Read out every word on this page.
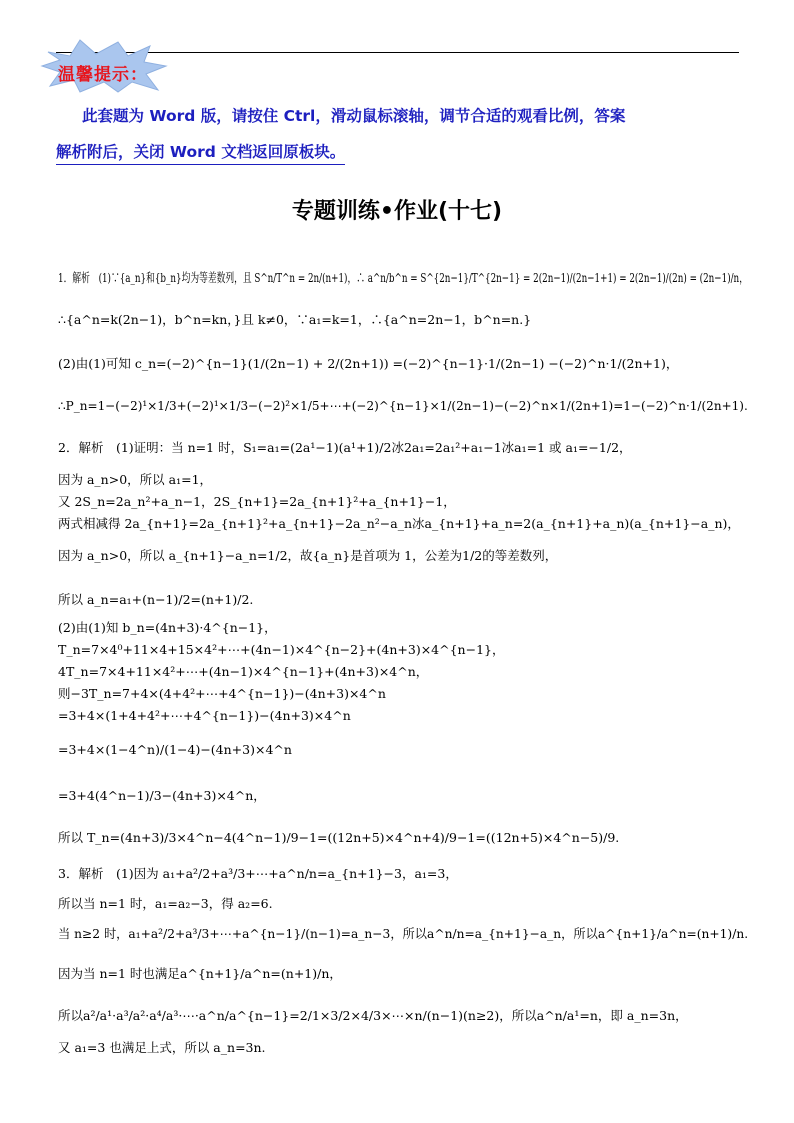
温馨提示：
此套题为 Word 版，请按住 Ctrl，滑动鼠标滚轴，调节合适的观看比例，答案
解析附后，关闭 Word 文档返回原板块。
专题训练•作业(十七)
1．解析　(1)∵{a_n}和{b_n}均为等差数列，且 S^n/T^n = 2n/(n+1)，∴ a^n/b^n = S^{2n−1}/T^{2n−1} = 2(2n−1)/(2n−1+1) = 2(2n−1)/(2n) = (2n−1)/n，
∴{a^n=k(2n−1)，b^n=kn，}且 k≠0，∵a₁=k=1，∴{a^n=2n−1，b^n=n.}
(2)由(1)可知 c_n=(−2)^{n−1}(1/(2n−1) + 2/(2n+1)) =(−2)^{n−1}·1/(2n−1) −(−2)^n·1/(2n+1)，
∴P_n=1−(−2)¹×1/3+(−2)¹×1/3−(−2)²×1/5+⋯+(−2)^{n−1}×1/(2n−1)−(−2)^n×1/(2n+1)=1−(−2)^n·1/(2n+1).
2．解析　(1)证明：当 n=1 时，S₁=a₁=(2a¹−1)(a¹+1)/2冰2a₁=2a₁²+a₁−1冰a₁=1 或 a₁=−1/2，
因为 a_n>0，所以 a₁=1，
又 2S_n=2a_n²+a_n−1，2S_{n+1}=2a_{n+1}²+a_{n+1}−1，
两式相减得 2a_{n+1}=2a_{n+1}²+a_{n+1}−2a_n²−a_n冰a_{n+1}+a_n=2(a_{n+1}+a_n)(a_{n+1}−a_n)，
因为 a_n>0，所以 a_{n+1}−a_n=1/2，故{a_n}是首项为 1，公差为1/2的等差数列，
所以 a_n=a₁+(n−1)/2=(n+1)/2.
(2)由(1)知 b_n=(4n+3)·4^{n−1}，
T_n=7×4⁰+11×4+15×4²+⋯+(4n−1)×4^{n−2}+(4n+3)×4^{n−1}，
4T_n=7×4+11×4²+⋯+(4n−1)×4^{n−1}+(4n+3)×4^n，
则−3T_n=7+4×(4+4²+⋯+4^{n−1})−(4n+3)×4^n
=3+4×(1+4+4²+⋯+4^{n−1})−(4n+3)×4^n
=3+4×(1−4^n)/(1−4)−(4n+3)×4^n
=3+4(4^n−1)/3−(4n+3)×4^n，
所以 T_n=(4n+3)/3×4^n−4(4^n−1)/9−1=((12n+5)×4^n+4)/9−1=((12n+5)×4^n−5)/9.
3．解析　(1)因为 a₁+a²/2+a³/3+⋯+a^n/n=a_{n+1}−3，a₁=3，
所以当 n=1 时，a₁=a₂−3，得 a₂=6.
当 n≥2 时，a₁+a²/2+a³/3+⋯+a^{n−1}/(n−1)=a_n−3，所以a^n/n=a_{n+1}−a_n，所以a^{n+1}/a^n=(n+1)/n.
因为当 n=1 时也满足a^{n+1}/a^n=(n+1)/n，
所以a²/a¹·a³/a²·a⁴/a³·⋯·a^n/a^{n−1}=2/1×3/2×4/3×⋯×n/(n−1)(n≥2)，所以a^n/a¹=n，即 a_n=3n，
又 a₁=3 也满足上式，所以 a_n=3n.
